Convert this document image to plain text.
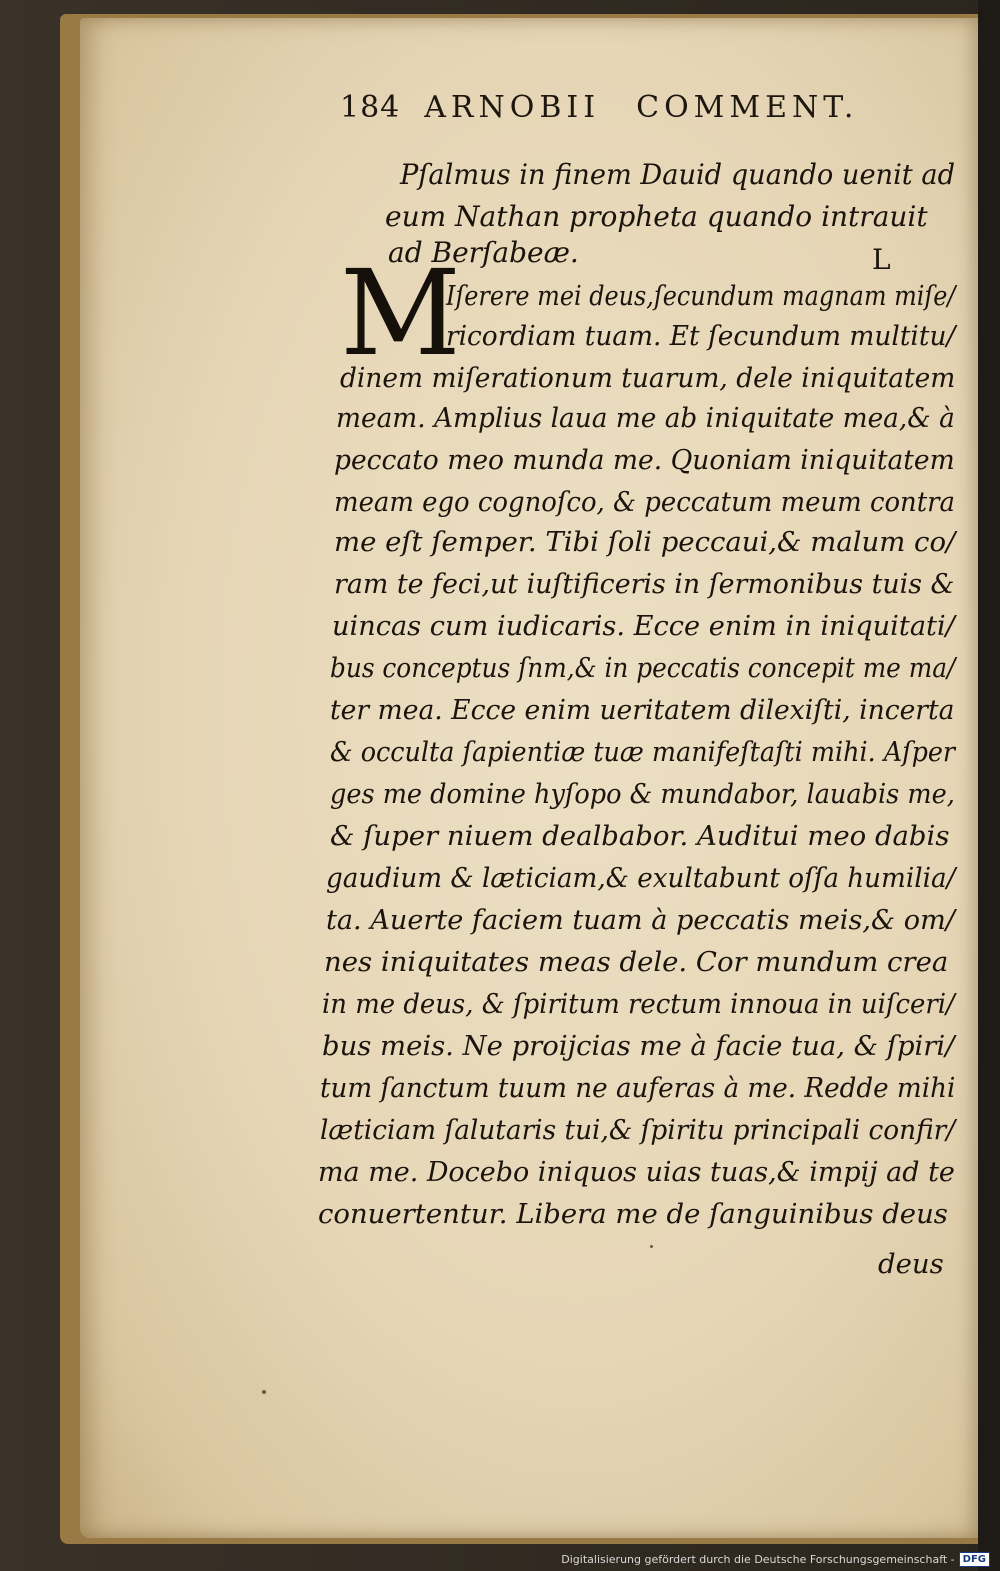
184 ARNOBII COMMENT.
Pſalmus in finem Dauid quando uenit ad
eum Nathan propheta quando intrauit
ad Berſabeæ.	L
M
Iſerere mei deus,ſecundum magnam miſe/
ricordiam tuam. Et ſecundum multitu/
dinem miſerationum tuarum, dele iniquitatem
meam. Amplius laua me ab iniquitate mea,& à
peccato meo munda me. Quoniam iniquitatem
meam ego cognoſco, & peccatum meum contra
me eſt ſemper. Tibi ſoli peccaui,& malum co/
ram te feci,ut iuſtificeris in ſermonibus tuis &
uincas cum iudicaris. Ecce enim in iniquitati/
bus conceptus ſnm,& in peccatis concepit me ma/
ter mea. Ecce enim ueritatem dilexiſti, incerta
& occulta ſapientiæ tuæ manifeſtaſti mihi. Aſper
ges me domine hyſopo & mundabor, lauabis me,
& ſuper niuem dealbabor. Auditui meo dabis
gaudium & læticiam,& exultabunt oſſa humilia/
ta. Auerte faciem tuam à peccatis meis,& om/
nes iniquitates meas dele. Cor mundum crea
in me deus, & ſpiritum rectum innoua in uiſceri/
bus meis. Ne proijcias me à facie tua, & ſpiri/
tum ſanctum tuum ne auferas à me. Redde mihi
læticiam ſalutaris tui,& ſpiritu principali confir/
ma me. Docebo iniquos uias tuas,& impij ad te
conuertentur. Libera me de ſanguinibus deus
deus
Digitalisierung gefördert durch die Deutsche Forschungsgemeinschaft - DFG
